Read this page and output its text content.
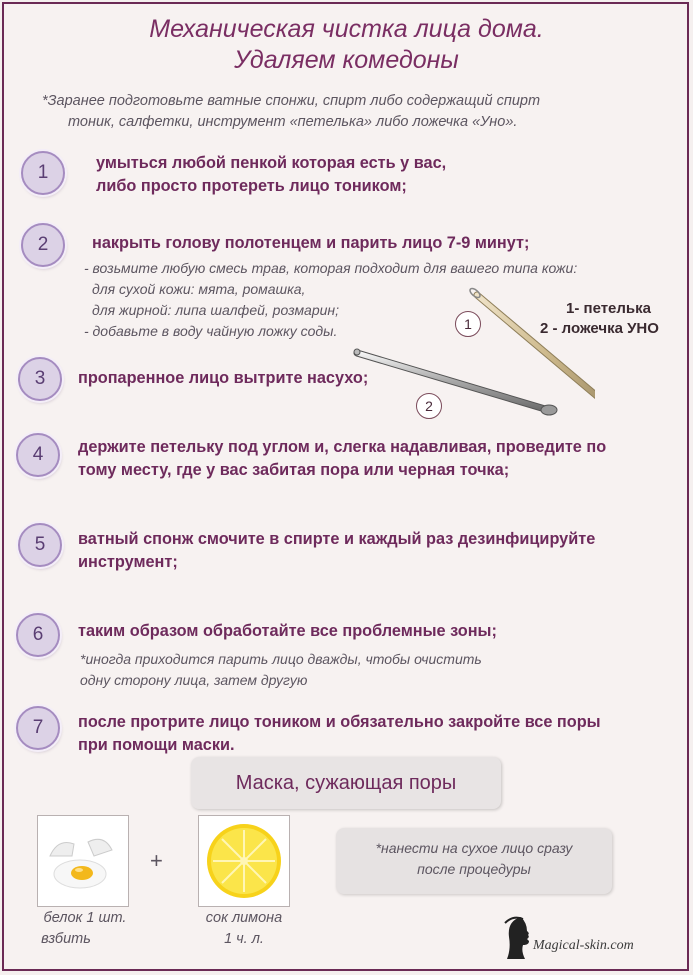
Механическая чистка лица дома.
Удаляем комедоны
*Заранее подготовьте ватные спонжи, спирт либо содержащий спирт
тоник, салфетки, инструмент «петелька» либо ложечка «Уно».
1	умыться любой пенкой которая есть у вас,
либо просто протереть лицо тоником;
2	накрыть голову полотенцем и парить лицо 7-9 минут;
- возьмите любую смесь трав, которая подходит для вашего типа кожи:
для сухой кожи: мята, ромашка,
для жирной: липа шалфей, розмарин;
- добавьте в воду чайную ложку соды.	1
2
1- петелька
2 - ложечка УНО
3	пропаренное лицо вытрите насухо;
4	держите петельку под углом и, слегка надавливая, проведите по
тому месту, где у вас забитая пора или черная точка;
5	ватный спонж смочите в спирте и каждый раз дезинфицируйте
инструмент;
6	таким образом обработайте все проблемные зоны;
*иногда приходится парить лицо дважды, чтобы очистить
одну сторону лица, затем другую
7	после протрите лицо тоником и обязательно закройте все поры
при помощи маски.
Маска, сужающая поры
+
белок 1 шт.
взбить
сок лимона
1 ч. л.
*нанести на сухое лицо сразу
после процедуры
Magical-skin.com
